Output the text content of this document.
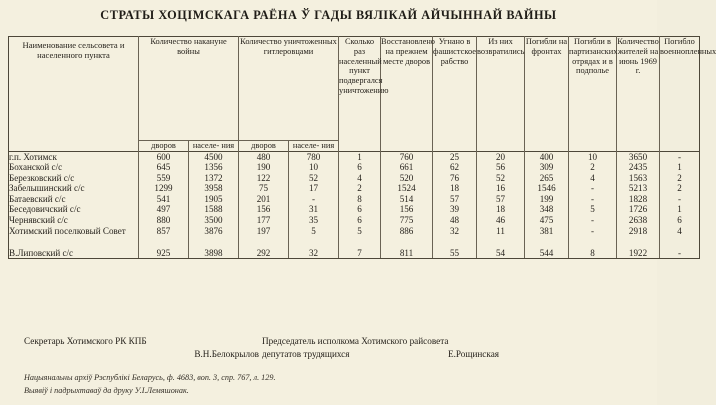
СТРАТЫ ХОЦІМСКАГА РАЁНА Ў ГАДЫ ВЯЛІКАЙ АЙЧЫННАЙ ВАЙНЫ
Наименование сельсовета и населенного пункта	Количество накануне войны		Количество уничтоженных гитлеровцами		Сколько раз населенный пункт подвергался уничтожению	Восстановлено на прежнем месте дворов	Угнано в фашистское рабство	Из них возвратились	Погибли на фронтах	Погибли в партизанских отрядах и в подполье	Количество жителей на июнь 1969 г.	Погибло военнопленных
	дворов	населе- ния	дворов	населе- ния								
г.п. Хотимск	600	4500	480	780	1	760	25	20	400	10	3650	-
Боханской с/с	645	1356	190	10	6	661	62	56	309	2	2435	1
Березковский с/с	559	1372	122	52	4	520	76	52	265	4	1563	2
Забелышинский с/с	1299	3958	75	17	2	1524	18	16	1546	-	5213	2
Батаевский с/с	541	1905	201	-	8	514	57	57	199	-	1828	-
Беседовичский с/с	497	1588	156	31	6	156	39	18	348	5	1726	1
Чернявский с/с	880	3500	177	35	6	775	48	46	475	-	2638	6
Хотимский поселковый Совет	857	3876	197	5	5	886	32	11	381	-	2918	4
В.Липовский с/с	925	3898	292	32	7	811	55	54	544	8	1922	-
Секретарь Хотимского РК КПБ
В.Н.Белокрылов
Председатель исполкома Хотимского райсовета
депутатов трудящихся	Е.Рощинская
Нацыянальны архіў Рэспублікі Беларусь, ф. 4683, воп. 3, спр. 767, л. 129.
Выявіў і падрыхтаваў да друку У.І.Лемяшонак.
